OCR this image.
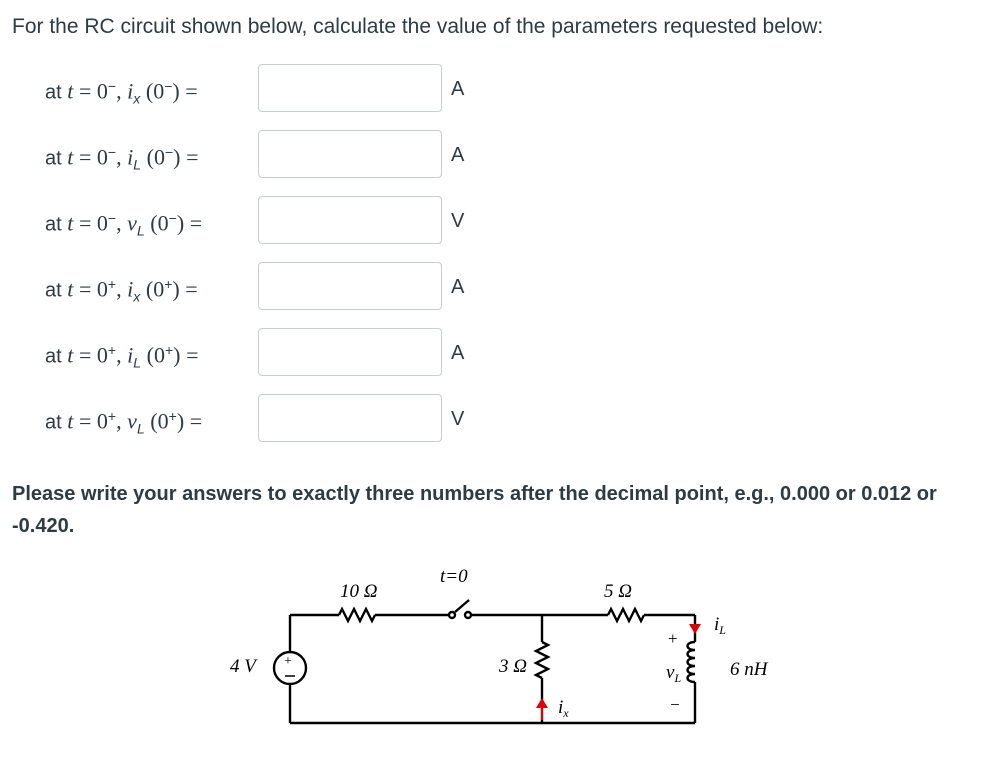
For the RC circuit shown below, calculate the value of the parameters requested below:
at t = 0−, $i_x$ (0−) =	A
at t = 0−, $i_L$ (0−) =	A
at t = 0−, $v_L$ (0−) =	V
at t = 0+, $i_x$ (0+) =	A
at t = 0+, $i_L$ (0+) =	A
at t = 0+, $v_L$ (0+) =	V
Please write your answers to exactly three numbers after the decimal point, e.g., 0.000 or 0.012 or -0.420.
+
t=0
10 Ω	5 Ω
3 Ω
4 V
$i_x$
$i_L$
+
$v_L$
−
6 nH
